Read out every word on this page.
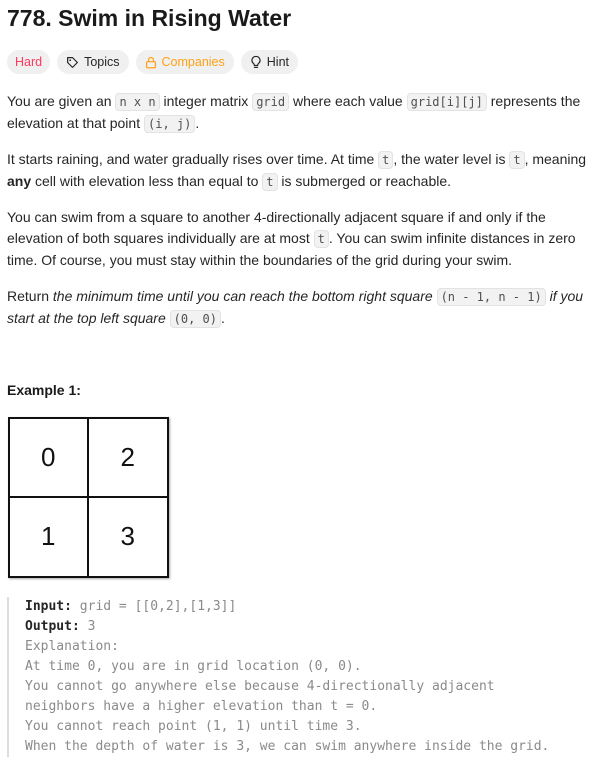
778. Swim in Rising Water
Hard	Topics	Companies	Hint

You are given an n x n integer matrix grid where each value grid[i][j] represents the elevation at that point (i, j) .

It starts raining, and water gradually rises over time. At time t , the water level is t , meaning any cell with elevation less than equal to t is submerged or reachable.

You can swim from a square to another 4-directionally adjacent square if and only if the elevation of both squares individually are at most t . You can swim infinite distances in zero time. Of course, you must stay within the boundaries of the grid during your swim.

Return the minimum time until you can reach the bottom right square (n - 1, n - 1) if you start at the top left square (0, 0) .

Example 1:
0	2
1	3
Input: grid = [[0,2],[1,3]]
Output: 3
Explanation:
At time 0, you are in grid location (0, 0).
You cannot go anywhere else because 4-directionally adjacent
neighbors have a higher elevation than t = 0.
You cannot reach point (1, 1) until time 3.
When the depth of water is 3, we can swim anywhere inside the grid.
